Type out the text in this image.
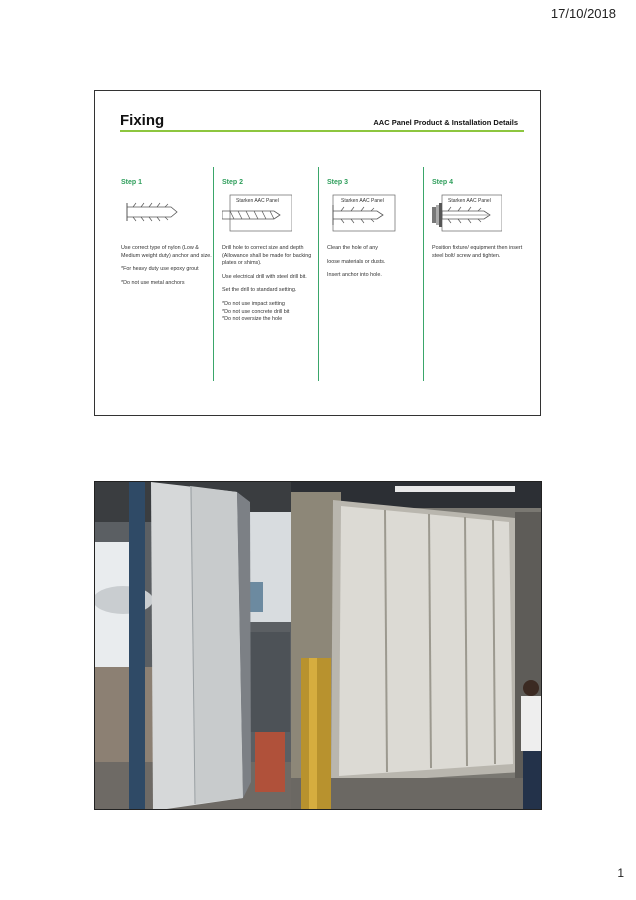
17/10/2018
Fixing	AAC Panel Product & Installation Details
Step 1

Use correct type of nylon (Low & Medium weight duty) anchor and size.

*For heavy duty use epoxy grout

*Do not use metal anchors

Step 2
Starken AAC Panel

Drill hole to correct size and depth (Allowance shall be made for backing plates or shims).

Use electrical drill with steel drill bit.

Set the drill to standard setting.

*Do not use impact setting
*Do not use concrete drill bit
*Do not oversize the hole

Step 3
Starken AAC Panel

Clean the hole of any

loose materials or dusts.

Insert anchor into hole.

Step 4
Starken AAC Panel

Position fixture/ equipment then insert steel bolt/ screw and tighten.

1
